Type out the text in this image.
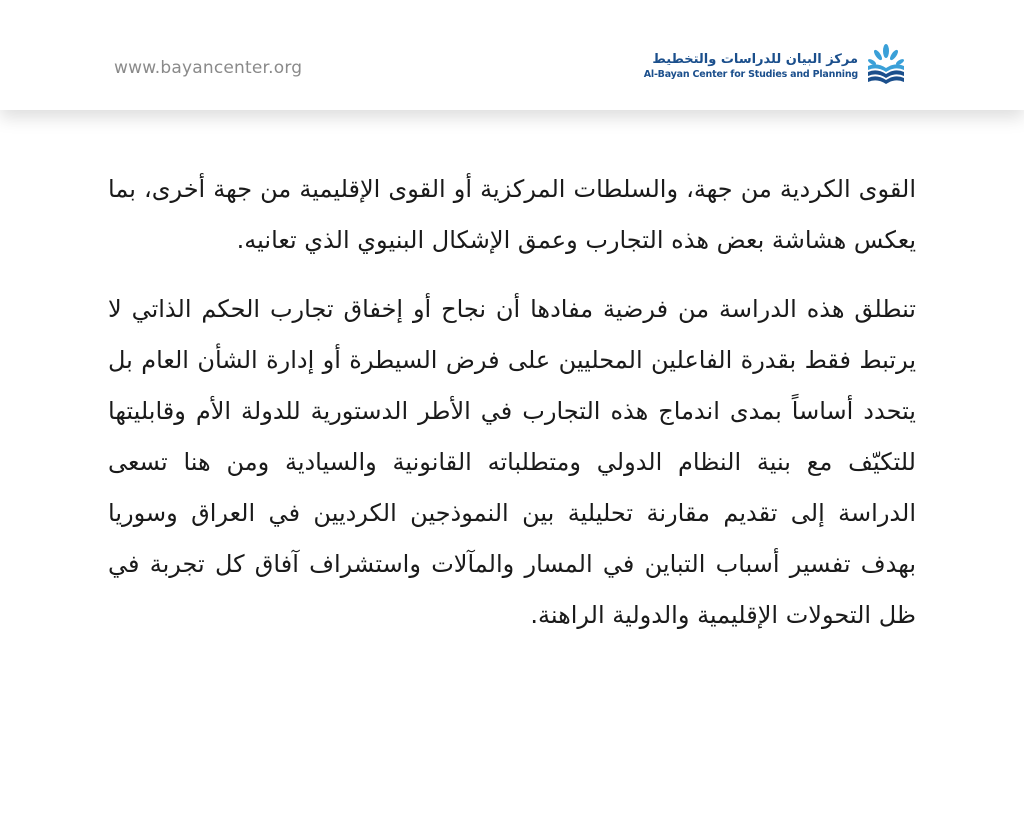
www.bayancenter.org	مركز البيان للدراسات والتخطيط
Al-Bayan Center for Studies and Planning

القوى الكردية من جهة، والسلطات المركزية أو القوى الإقليمية من جهة أخرى، بما يعكس هشاشة بعض هذه التجارب وعمق الإشكال البنيوي الذي تعانيه.

تنطلق هذه الدراسة من فرضية مفادها أن نجاح أو إخفاق تجارب الحكم الذاتي لا يرتبط فقط بقدرة الفاعلين المحليين على فرض السيطرة أو إدارة الشأن العام بل يتحدد أساساً بمدى اندماج هذه التجارب في الأطر الدستورية للدولة الأم وقابليتها للتكيّف مع بنية النظام الدولي ومتطلباته القانونية والسيادية ومن هنا تسعى الدراسة إلى تقديم مقارنة تحليلية بين النموذجين الكرديين في العراق وسوريا بهدف تفسير أسباب التباين في المسار والمآلات واستشراف آفاق كل تجربة في ظل التحولات الإقليمية والدولية الراهنة.
